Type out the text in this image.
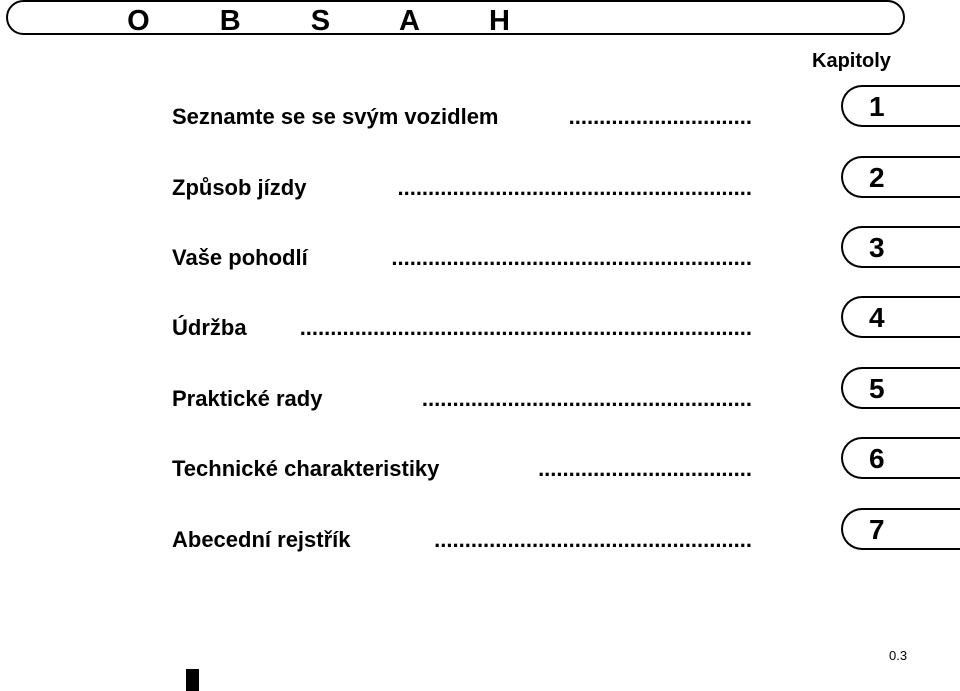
O B S A H
Kapitoly
Seznamte se se svým vozidlem	..............................	1
Způsob jízdy	..........................................................	2
Vaše pohodlí	...........................................................	3
Údržba ..........................................................................	4
Praktické rady	......................................................	5
Technické charakteristiky	...................................	6
Abecední rejstřík	....................................................	7
0.3
